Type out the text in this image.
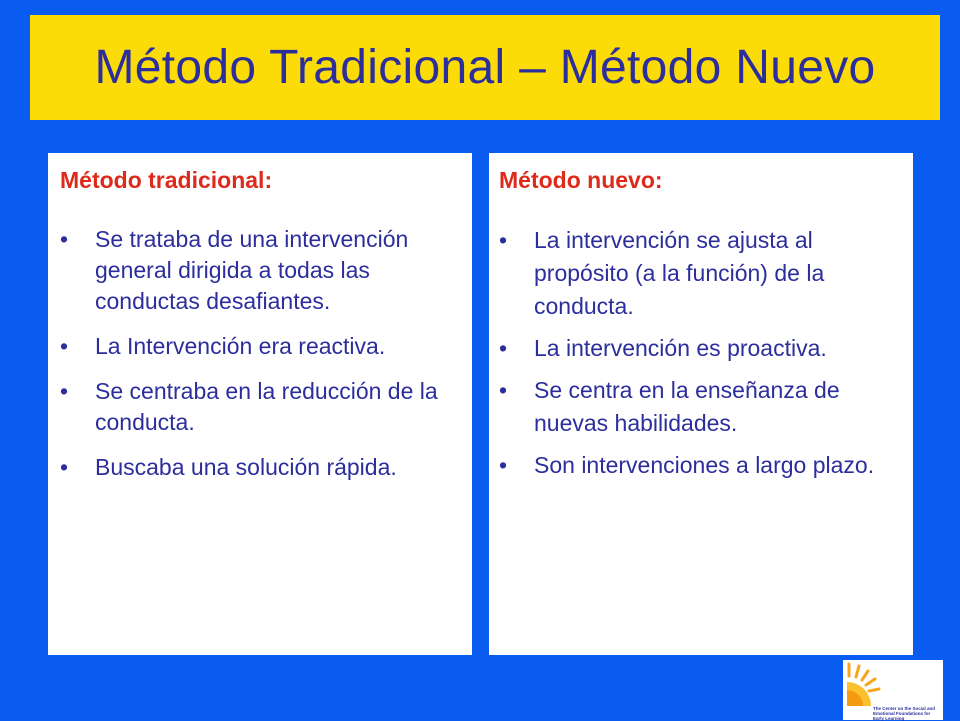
Método Tradicional – Método Nuevo
Método tradicional:
•	Se trataba de una intervención general dirigida a todas las conductas desafiantes.
•	La Intervención era reactiva.
•	Se centraba en la reducción de la conducta.
•	Buscaba una solución rápida.
Método nuevo:
•	La intervención se ajusta al propósito (a la función) de la conducta.
•	La intervención es proactiva.
•	Se centra en la enseñanza de nuevas habilidades.
•	Son intervenciones a largo plazo.
The Center on the Social and Emotional Foundations for Early Learning
